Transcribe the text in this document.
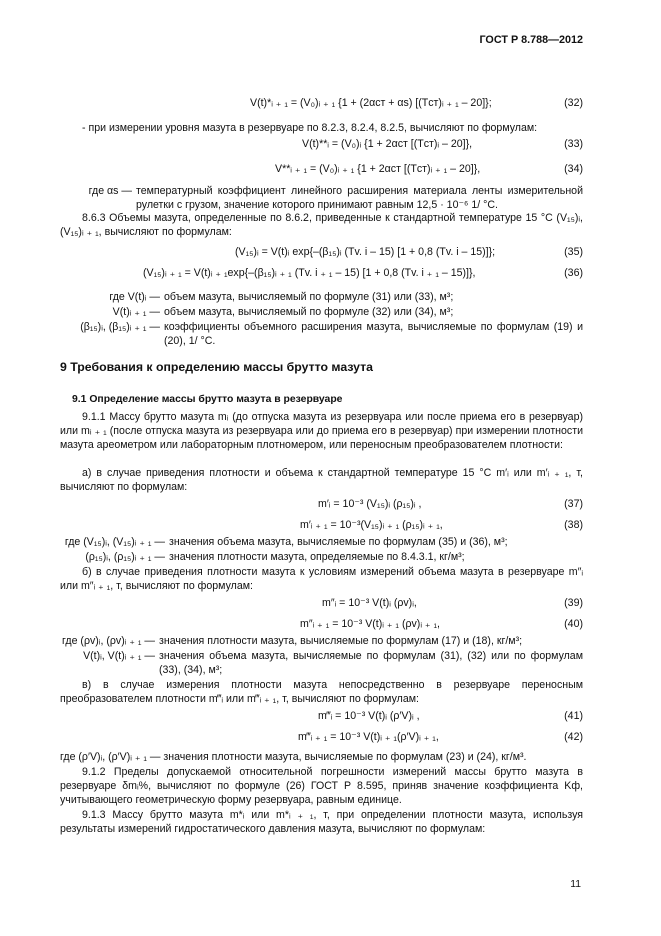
ГОСТ Р 8.788—2012
V(t)*ᵢ ₊ ₁ = (V₀)ᵢ ₊ ₁ {1 + (2αст + αs) [(Tст)ᵢ ₊ ₁ – 20]};	(32)
- при измерении уровня мазута в резервуаре по 8.2.3, 8.2.4, 8.2.5, вычисляют по формулам:
V(t)**ᵢ = (V₀)ᵢ {1 + 2αст [(Tст)ᵢ – 20]},	(33)
V**ᵢ ₊ ₁ = (V₀)ᵢ ₊ ₁ {1 + 2αст [(Tст)ᵢ ₊ ₁ – 20]},	(34)
где αs — температурный коэффициент линейного расширения материала ленты измерительной рулетки с грузом, значение которого принимают равным 12,5 · 10⁻⁶ 1/ °С.
8.6.3 Объемы мазута, определенные по 8.6.2, приведенные к стандартной температуре 15 °С (V₁₅)ᵢ, (V₁₅)ᵢ ₊ ₁, вычисляют по формулам:
(V₁₅)ᵢ = V(t)ᵢ exp{–(β₁₅)ᵢ (Tv. i – 15) [1 + 0,8 (Tv. i – 15)]};	(35)
(V₁₅)ᵢ ₊ ₁ = V(t)ᵢ ₊ ₁exp{–(β₁₅)ᵢ ₊ ₁ (Tv. i ₊ ₁ – 15) [1 + 0,8 (Tv. i ₊ ₁ – 15)]},	(36)
где V(t)ᵢ — объем мазута, вычисляемый по формуле (31) или (33), м³;
V(t)ᵢ ₊ ₁ — объем мазута, вычисляемый по формуле (32) или (34), м³;
(β₁₅)ᵢ, (β₁₅)ᵢ ₊ ₁ — коэффициенты объемного расширения мазута, вычисляемые по формулам (19) и (20), 1/ °С.
9 Требования к определению массы брутто мазута
9.1 Определение массы брутто мазута в резервуаре
9.1.1 Массу брутто мазута mᵢ (до отпуска мазута из резервуара или после приема его в резервуар) или mᵢ ₊ ₁ (после отпуска мазута из резервуара или до приема его в резервуар) при измерении плотности мазута ареометром или лабораторным плотномером, или переносным преобразователем плотности:
а) в случае приведения плотности и объема к стандартной температуре 15 °С m′ᵢ или m′ᵢ ₊ ₁, т, вычисляют по формулам:
m′ᵢ = 10⁻³ (V₁₅)ᵢ (ρ₁₅)ᵢ ,	(37)
m′ᵢ ₊ ₁ = 10⁻³(V₁₅)ᵢ ₊ ₁ (ρ₁₅)ᵢ ₊ ₁,	(38)
где (V₁₅)ᵢ, (V₁₅)ᵢ ₊ ₁ — значения объема мазута, вычисляемые по формулам (35) и (36), м³;
(ρ₁₅)ᵢ, (ρ₁₅)ᵢ ₊ ₁ — значения плотности мазута, определяемые по 8.4.3.1, кг/м³;
б) в случае приведения плотности мазута к условиям измерений объема мазута в резервуаре m″ᵢ или m″ᵢ ₊ ₁, т, вычисляют по формулам:
m″ᵢ = 10⁻³ V(t)ᵢ (ρv)ᵢ,	(39)
m″ᵢ ₊ ₁ = 10⁻³ V(t)ᵢ ₊ ₁ (ρv)ᵢ ₊ ₁,	(40)
где (ρv)ᵢ, (ρv)ᵢ ₊ ₁ — значения плотности мазута, вычисляемые по формулам (17) и (18), кг/м³;
V(t)ᵢ, V(t)ᵢ ₊ ₁ — значения объема мазута, вычисляемые по формулам (31), (32) или по формулам (33), (34), м³;
в) в случае измерения плотности мазута непосредственно в резервуаре переносным преобразователем плотности m‴ᵢ или m‴ᵢ ₊ ₁, т, вычисляют по формулам:
m‴ᵢ = 10⁻³ V(t)ᵢ (ρ′V)ᵢ ,	(41)
m‴ᵢ ₊ ₁ = 10⁻³ V(t)ᵢ ₊ ₁(ρ′V)ᵢ ₊ ₁,	(42)
где (ρ′V)ᵢ, (ρ′V)ᵢ ₊ ₁ — значения плотности мазута, вычисляемые по формулам (23) и (24), кг/м³.
9.1.2 Пределы допускаемой относительной погрешности измерений массы брутто мазута в резервуаре δmᵢ%, вычисляют по формуле (26) ГОСТ Р 8.595, приняв значение коэффициента Kф, учитывающего геометрическую форму резервуара, равным единице.
9.1.3 Массу брутто мазута m*ᵢ или m*ᵢ ₊ ₁, т, при определении плотности мазута, используя результаты измерений гидростатического давления мазута, вычисляют по формулам:
11
